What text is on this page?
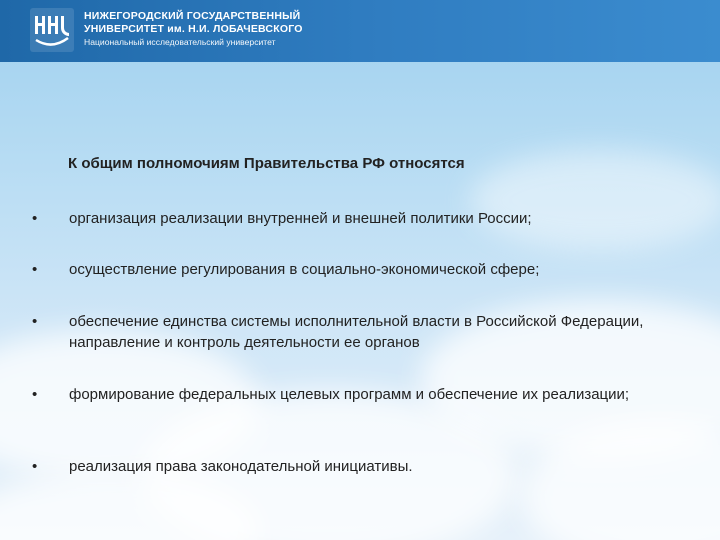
НИЖЕГОРОДСКИЙ ГОСУДАРСТВЕННЫЙ
УНИВЕРСИТЕТ им. Н.И. ЛОБАЧЕВСКОГО
Национальный исследовательский университет
К общим полномочиям Правительства РФ относятся
• организация реализации внутренней и внешней политики России;
• осуществление регулирования в социально-экономической сфере;
• обеспечение единства системы исполнительной власти в Российской Федерации, направление и контроль деятельности ее органов
• формирование федеральных целевых программ и обеспечение их реализации;
• реализация права законодательной инициативы.
